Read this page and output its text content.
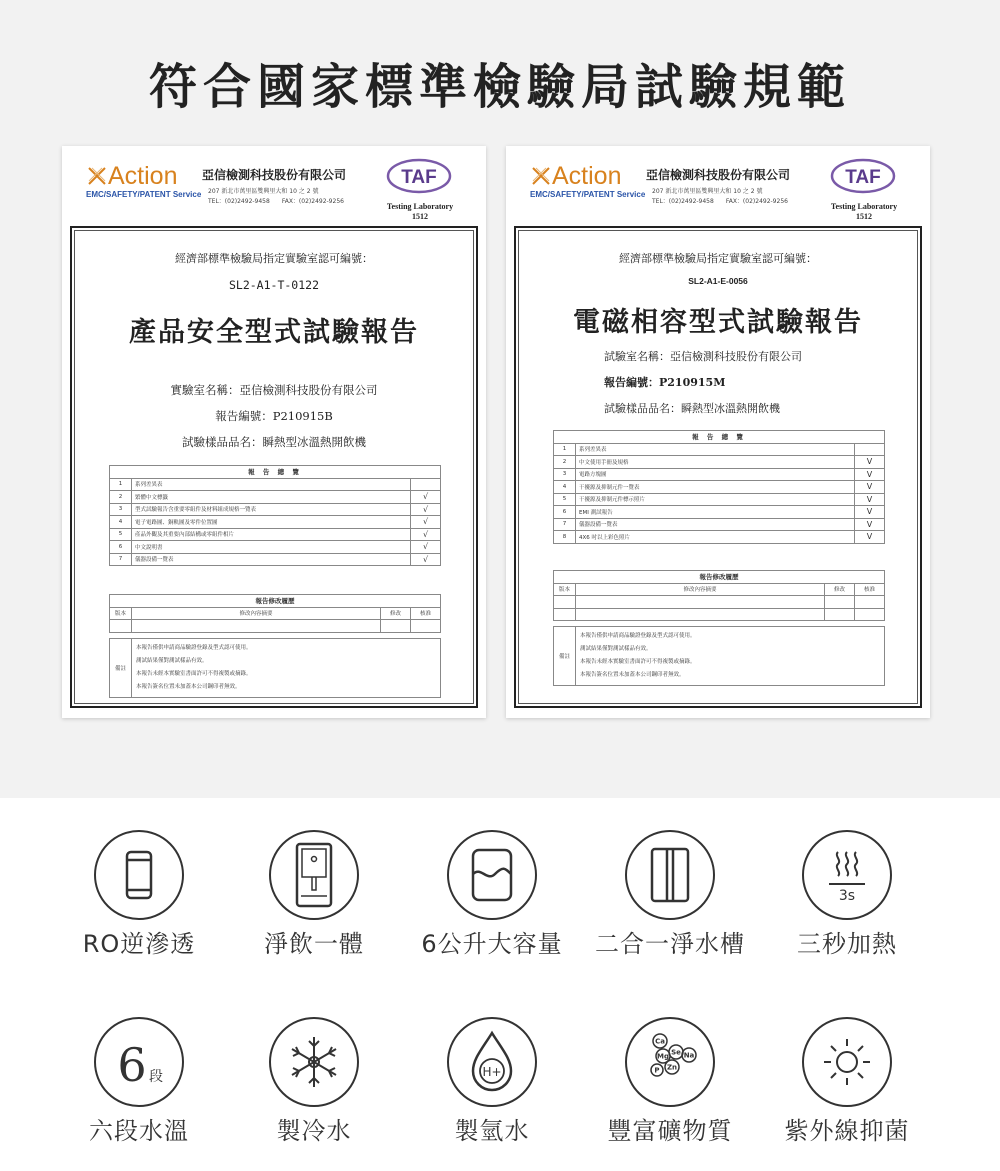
符合國家標準檢驗局試驗規範
Action
EMC/SAFETY/PATENT Service
亞信檢測科技股份有限公司
207 新北市萬里區雙興里大和 10 之 2 號
TEL：(02)2492-9458　　FAX：(02)2492-9256
TAF
Testing Laboratory
1512
經濟部標準檢驗局指定實驗室認可編號：
SL2-A1-T-0122
產品安全型式試驗報告
實驗室名稱：亞信檢測科技股份有限公司
報告編號：P210915B
試驗樣品品名：瞬熱型冰溫熱開飲機
報 告 總 覽		
1	系列差異表	
2	繁體中文標籤	√
3	型式試驗報告含重要零組件及材料組成規格一覽表	√
4	電子電路圖、銅軌圖及零件位置圖	√
5	產品外觀及其重要內部結構或零組件相片	√
6	中文說明書	√
7	儀器設備一覽表	√
報告修改履歷			
版本	修改內容摘要	修改	核准

備註	
本報告僅供申請商品驗證登錄及型式認可使用。
測試結果僅對測試樣品有效。
本報告未經本實驗室書面許可不得複製或摘錄。
本報告簽名位置未加蓋本公司鋼印者無效。
Action
EMC/SAFETY/PATENT Service
亞信檢測科技股份有限公司
207 新北市萬里區雙興里大和 10 之 2 號
TEL：(02)2492-9458　　FAX：(02)2492-9256
TAF
Testing Laboratory
1512
經濟部標準檢驗局指定實驗室認可編號：
SL2-A1-E-0056
電磁相容型式試驗報告
試驗室名稱：亞信檢測科技股份有限公司
報告編號：P210915M
試驗樣品品名：瞬熱型冰溫熱開飲機
報 告 總 覽		
1	系列差異表	
2	中文使用手冊及規格	V
3	電路方塊圖	V
4	干擾源及抑制元件一覽表	V
5	干擾源及抑制元件標示照片	V
6	EMI 測試報告	V
7	儀器設備一覽表	V
8	4X6 吋以上彩色照片	V
報告修改履歷			
版本	修改內容摘要	修改	核准

備註	
本報告僅供申請商品驗證登錄及型式認可使用。
測試結果僅對測試樣品有效。
本報告未經本實驗室書面許可不得複製或摘錄。
本報告簽名位置未加蓋本公司鋼印者無效。
RO逆滲透	淨飲一體	6公升大容量	二合一淨水槽
3s
三秒加熱
6 段
六段水溫	製冷水
H+
製氫水
Ca
Mg Se Na
P Zn
豐富礦物質	紫外線抑菌
